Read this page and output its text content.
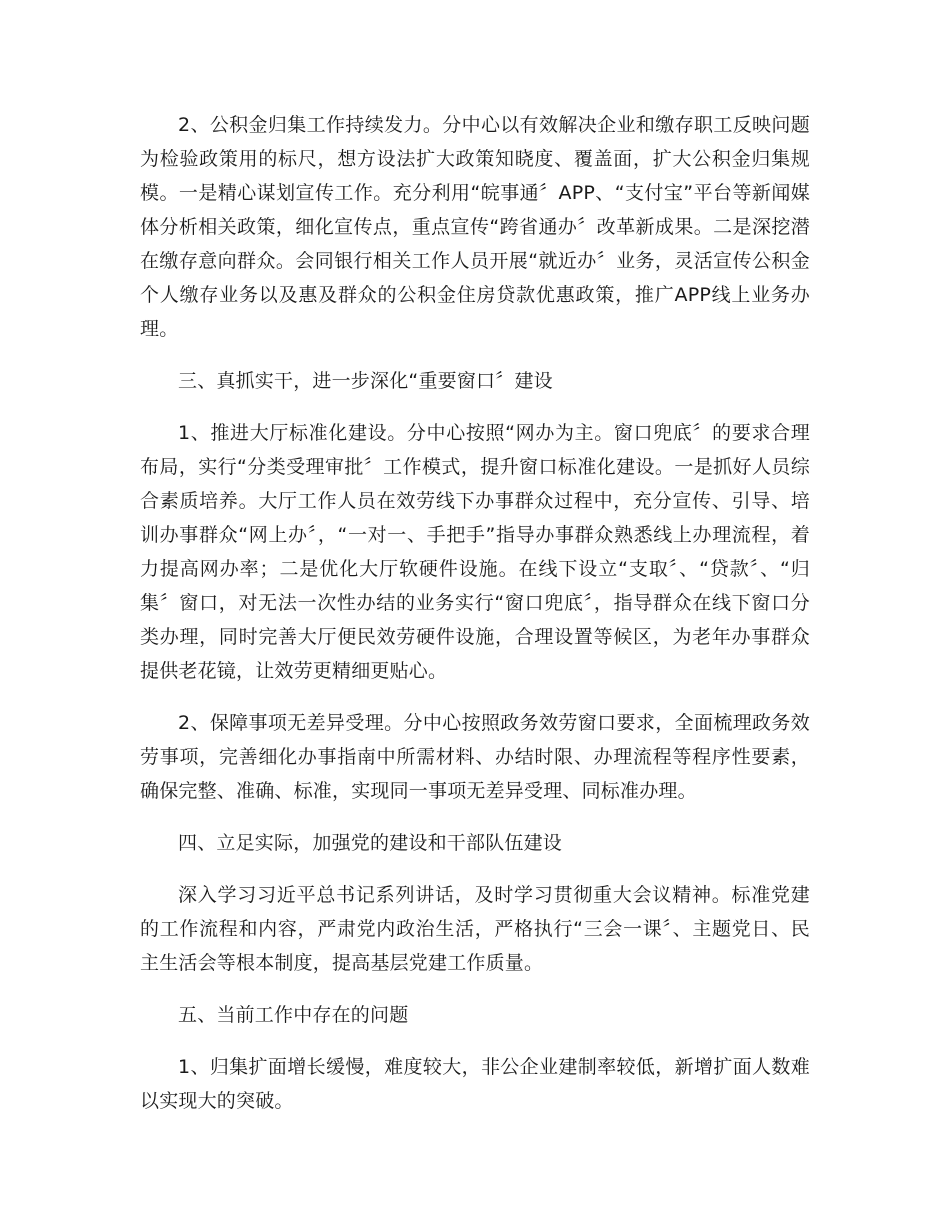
2、公积金归集工作持续发力。分中心以有效解决企业和缴存职工反映问题为检验政策用的标尺，想方设法扩大政策知晓度、覆盖面，扩大公积金归集规模。一是精心谋划宣传工作。充分利用“皖事通〞APP、“支付宝”平台等新闻媒体分析相关政策，细化宣传点，重点宣传“跨省通办〞改革新成果。二是深挖潜在缴存意向群众。会同银行相关工作人员开展“就近办〞业务，灵活宣传公积金个人缴存业务以及惠及群众的公积金住房贷款优惠政策，推广APP线上业务办理。

三、真抓实干，进一步深化“重要窗口〞建设

1、推进大厅标准化建设。分中心按照“网办为主。窗口兜底〞的要求合理布局，实行“分类受理审批〞工作模式，提升窗口标准化建设。一是抓好人员综合素质培养。大厅工作人员在效劳线下办事群众过程中，充分宣传、引导、培训办事群众“网上办〞，“一对一、手把手”指导办事群众熟悉线上办理流程，着力提高网办率；二是优化大厅软硬件设施。在线下设立“支取〞、“贷款〞、“归集〞窗口，对无法一次性办结的业务实行“窗口兜底〞，指导群众在线下窗口分类办理，同时完善大厅便民效劳硬件设施，合理设置等候区，为老年办事群众提供老花镜，让效劳更精细更贴心。

2、保障事项无差异受理。分中心按照政务效劳窗口要求，全面梳理政务效劳事项，完善细化办事指南中所需材料、办结时限、办理流程等程序性要素，确保完整、准确、标准，实现同一事项无差异受理、同标准办理。

四、立足实际，加强党的建设和干部队伍建设

深入学习习近平总书记系列讲话，及时学习贯彻重大会议精神。标准党建的工作流程和内容，严肃党内政治生活，严格执行“三会一课〞、主题党日、民主生活会等根本制度，提高基层党建工作质量。

五、当前工作中存在的问题

1、归集扩面增长缓慢，难度较大，非公企业建制率较低，新增扩面人数难以实现大的突破。
